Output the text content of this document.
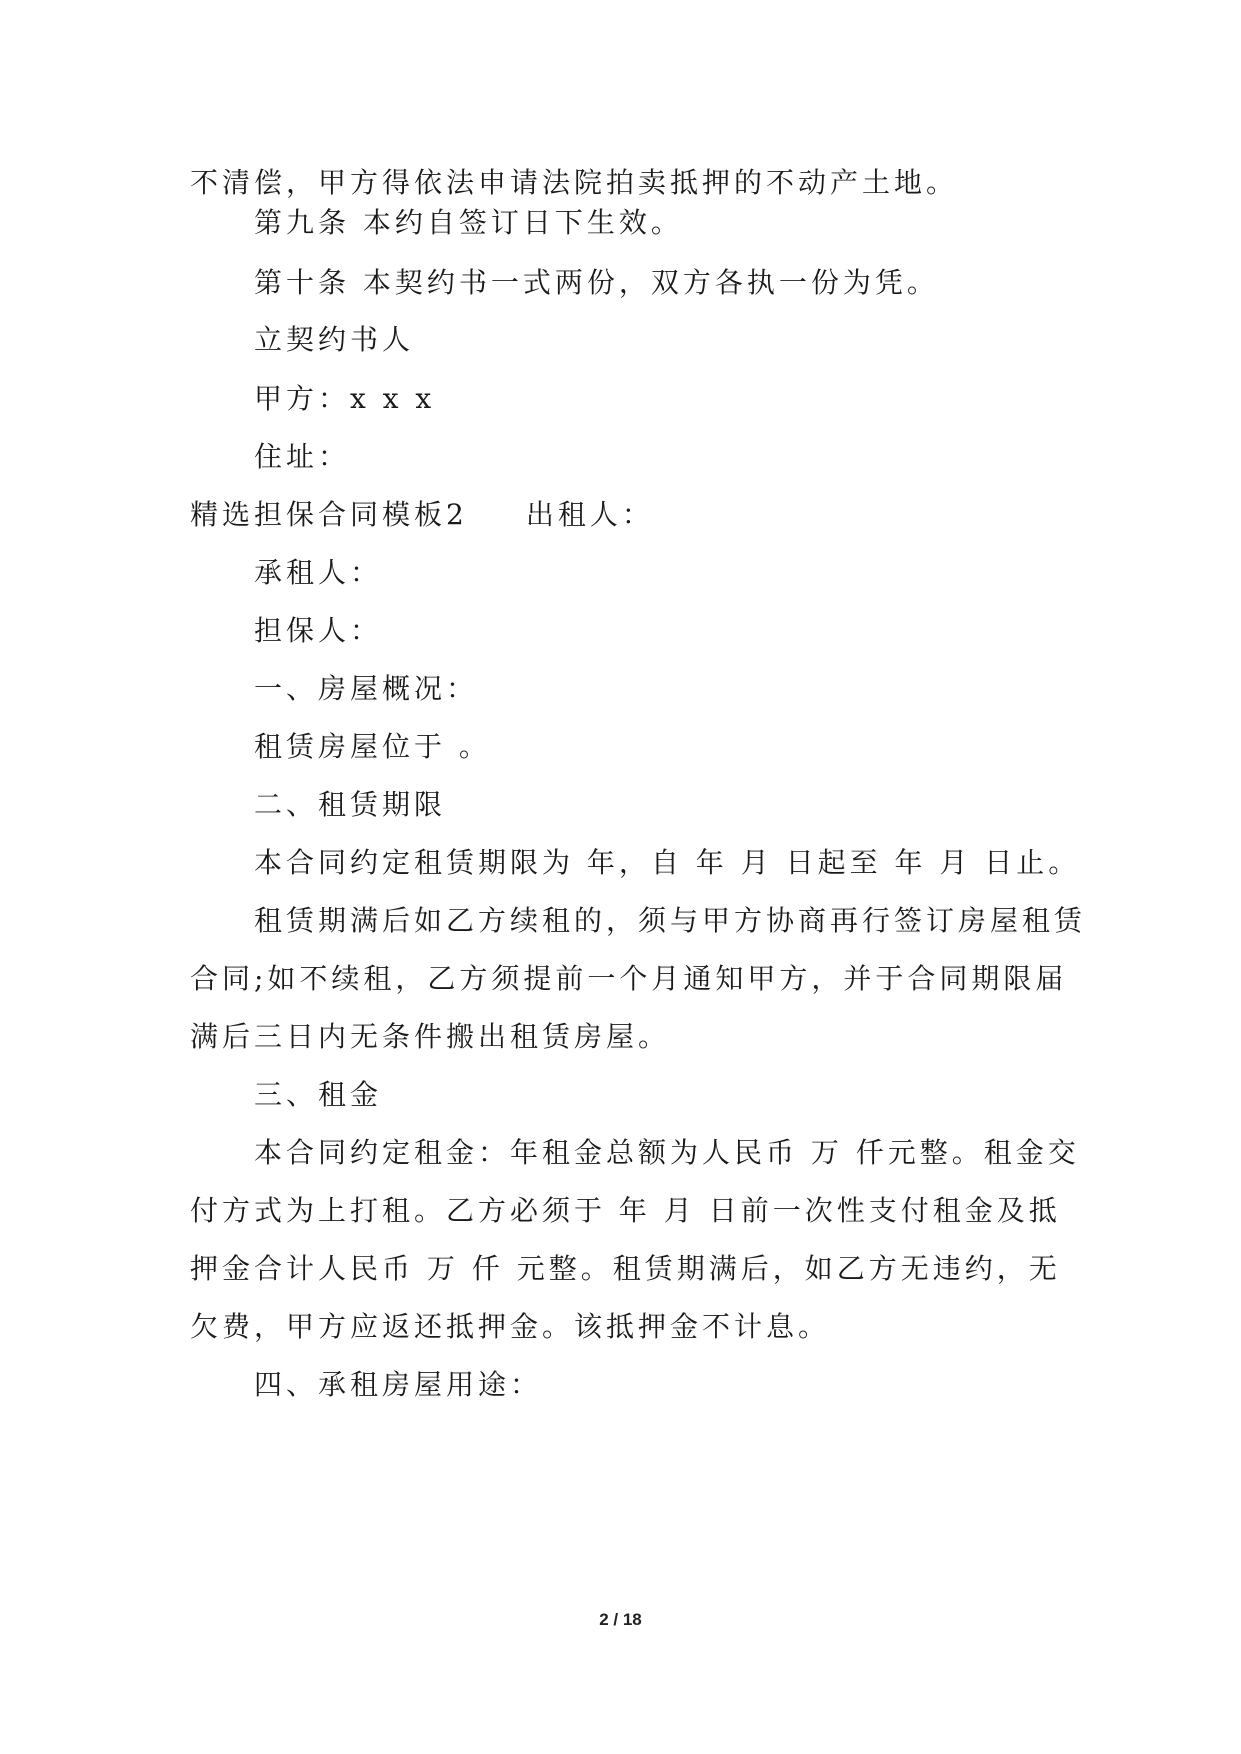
不清偿，甲方得依法申请法院拍卖抵押的不动产土地。
第九条 本约自签订日下生效。
第十条 本契约书一式两份，双方各执一份为凭。
立契约书人
甲方：x x x
住址：
精选担保合同模板2 出租人：
承租人：
担保人：
一、房屋概况：
租赁房屋位于 。
二、租赁期限
本合同约定租赁期限为 年，自 年 月 日起至 年 月 日止。
租赁期满后如乙方续租的，须与甲方协商再行签订房屋租赁
合同;如不续租，乙方须提前一个月通知甲方，并于合同期限届
满后三日内无条件搬出租赁房屋。
三、租金
本合同约定租金：年租金总额为人民币 万 仟元整。租金交
付方式为上打租。乙方必须于 年 月 日前一次性支付租金及抵
押金合计人民币 万 仟 元整。租赁期满后，如乙方无违约，无
欠费，甲方应返还抵押金。该抵押金不计息。
四、承租房屋用途：
2 / 18
